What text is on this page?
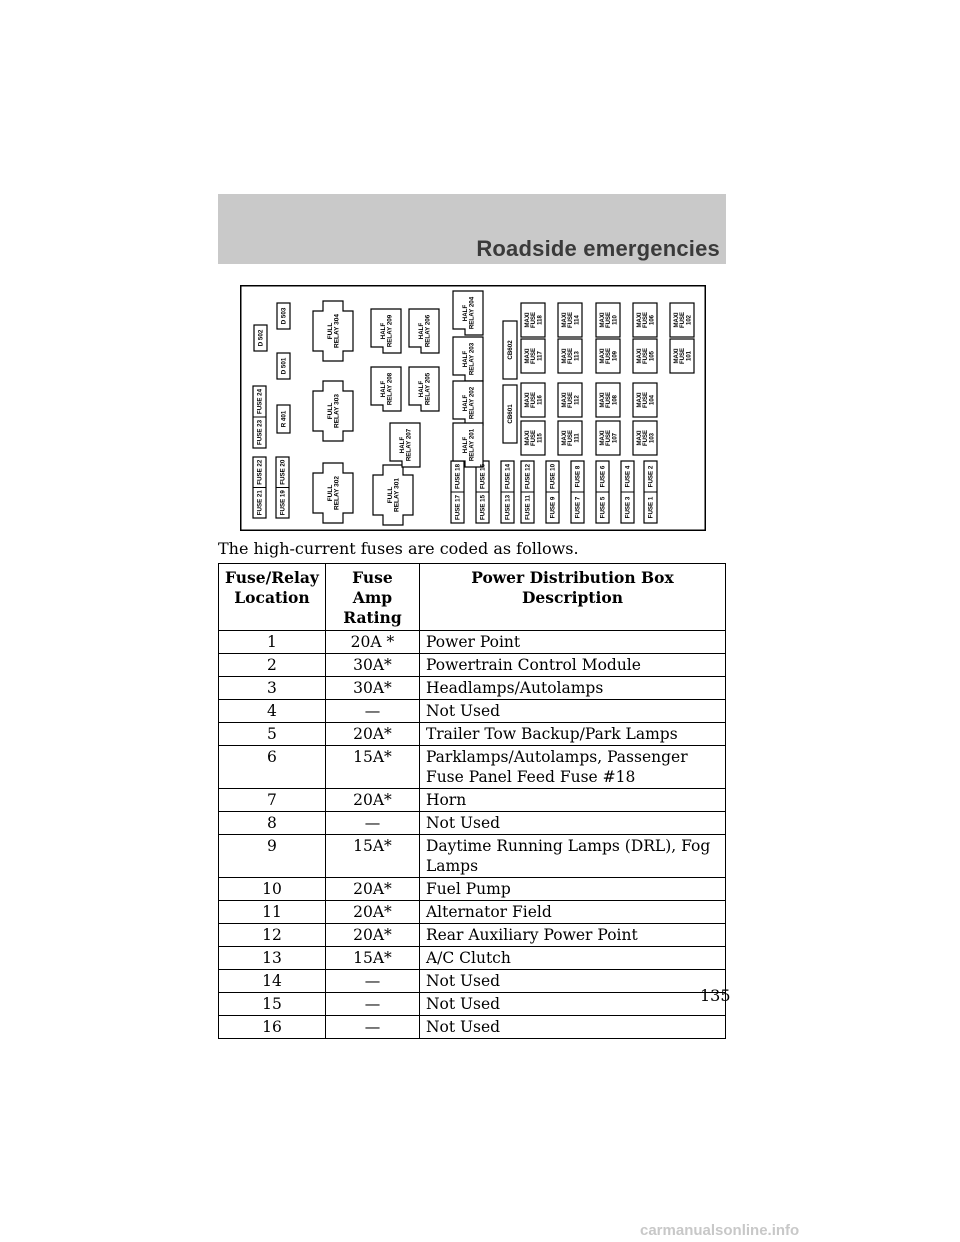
Roadside emergencies
FUSE 21
FUSE 22
FUSE 19
FUSE 20
FUSE 23
FUSE 24
FUSE 17
FUSE 18
FUSE 15
FUSE 16
FUSE 13
FUSE 14
FUSE 11
FUSE 12
FUSE 9
FUSE 10
FUSE 7
FUSE 8
FUSE 5
FUSE 6
FUSE 3
FUSE 4
FUSE 1
FUSE 2
D 502
D 503
D 501
R 401
FULLRELAY 304
FULLRELAY 303
FULLRELAY 302	FULLRELAY 301
HALFRELAY 209	HALFRELAY 206
HALFRELAY 208	HALFRELAY 205
HALFRELAY 207
HALFRELAY 204
HALFRELAY 203
HALFRELAY 202
HALFRELAY 201
CB602
CB601
MAXIFUSE118	MAXIFUSE114	MAXIFUSE110	MAXIFUSE106	MAXIFUSE102
MAXIFUSE117	MAXIFUSE113	MAXIFUSE109	MAXIFUSE105	MAXIFUSE101
MAXIFUSE116	MAXIFUSE112	MAXIFUSE108	MAXIFUSE104
MAXIFUSE115	MAXIFUSE111	MAXIFUSE107	MAXIFUSE103
The high-current fuses are coded as follows.
Fuse/Relay Location	Fuse Amp Rating	Power Distribution Box Description
1	20A *	Power Point
2	30A*	Powertrain Control Module
3	30A*	Headlamps/Autolamps
4	—	Not Used
5	20A*	Trailer Tow Backup/Park Lamps
6	15A*	Parklamps/Autolamps, Passenger Fuse Panel Feed Fuse #18
7	20A*	Horn
8	—	Not Used
9	15A*	Daytime Running Lamps (DRL), Fog Lamps
10	20A*	Fuel Pump
11	20A*	Alternator Field
12	20A*	Rear Auxiliary Power Point
13	15A*	A/C Clutch
14	—	Not Used
15	—	Not Used
16	—	Not Used
135
carmanualsonline.info
